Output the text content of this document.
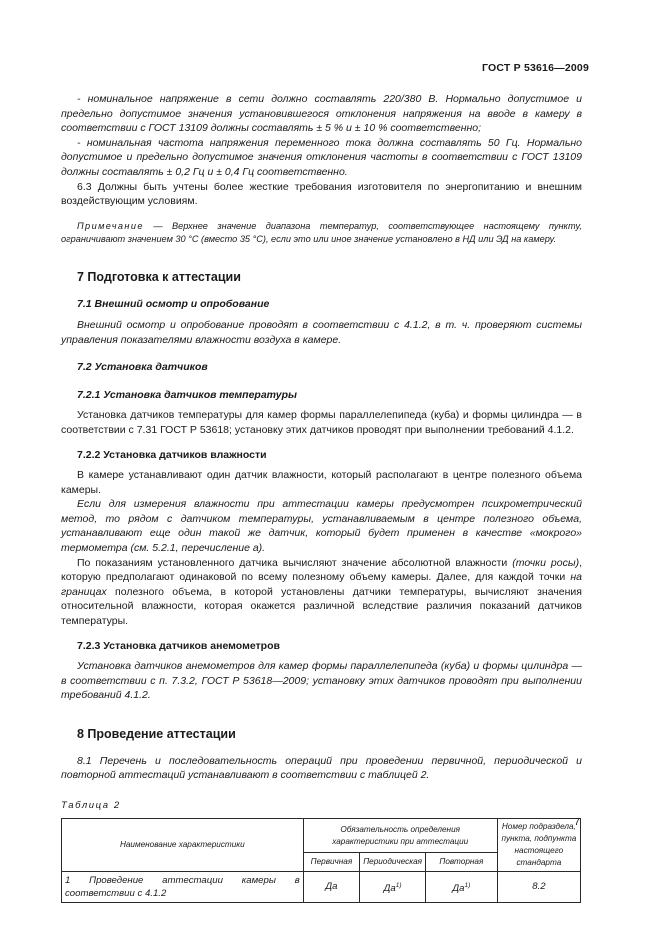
ГОСТ Р 53616—2009

- номинальное напряжение в сети должно составлять 220/380 В. Нормально допустимое и предельно допустимое значения установившегося отклонения напряжения на вводе в камеру в соответствии с ГОСТ 13109 должны составлять ± 5 % и ± 10 % соответственно;

- номинальная частота напряжения переменного тока должна составлять 50 Гц. Нормально допустимое и предельно допустимое значения отклонения частоты в соответствии с ГОСТ 13109 должны составлять ± 0,2 Гц и ± 0,4 Гц соответственно.

6.3 Должны быть учтены более жесткие требования изготовителя по энергопитанию и внешним воздействующим условиям.

Примечание — Верхнее значение диапазона температур, соответствующее настоящему пункту, ограничивают значением 30 °С (вместо 35 °С), если это или иное значение установлено в НД или ЭД на камеру.

7 Подготовка к аттестации
7.1 Внешний осмотр и опробование

Внешний осмотр и опробование проводят в соответствии с 4.1.2, в т. ч. проверяют системы управления показателями влажности воздуха в камере.

7.2 Установка датчиков
7.2.1 Установка датчиков температуры

Установка датчиков температуры для камер формы параллелепипеда (куба) и формы цилиндра — в соответствии с 7.31 ГОСТ Р 53618; установку этих датчиков проводят при выполнении требований 4.1.2.

7.2.2 Установка датчиков влажности

В камере устанавливают один датчик влажности, который располагают в центре полезного объема камеры.

Если для измерения влажности при аттестации камеры предусмотрен психрометрический метод, то рядом с датчиком температуры, устанавливаемым в центре полезного объема, устанавливают еще один такой же датчик, который будет применен в качестве «мокрого» термометра (см. 5.2.1, перечисление а).

По показаниям установленного датчика вычисляют значение абсолютной влажности (точки росы), которую предполагают одинаковой по всему полезному объему камеры. Далее, для каждой точки на границах полезного объема, в которой установлены датчики температуры, вычисляют значения относительной влажности, которая окажется различной вследствие различия показаний датчиков температуры.

7.2.3 Установка датчиков анемометров

Установка датчиков анемометров для камер формы параллелепипеда (куба) и формы цилиндра — в соответствии с п. 7.3.2, ГОСТ Р 53618—2009; установку этих датчиков проводят при выполнении требований 4.1.2.

8 Проведение аттестации

8.1 Перечень и последовательность операций при проведении первичной, периодической и повторной аттестаций устанавливают в соответствии с таблицей 2.

Таблица 2
Наименование характеристики	Обязательность определения характеристики при аттестации			Номер подраздела, пункта, подпункта настоящего стандарта
	Первичная	Периодическая	Повторная	
1 Проведение аттестации камеры в соответствии с 4.1.2	Да	$Да^{1)}$	$Да^{1)}$	8.2
7
